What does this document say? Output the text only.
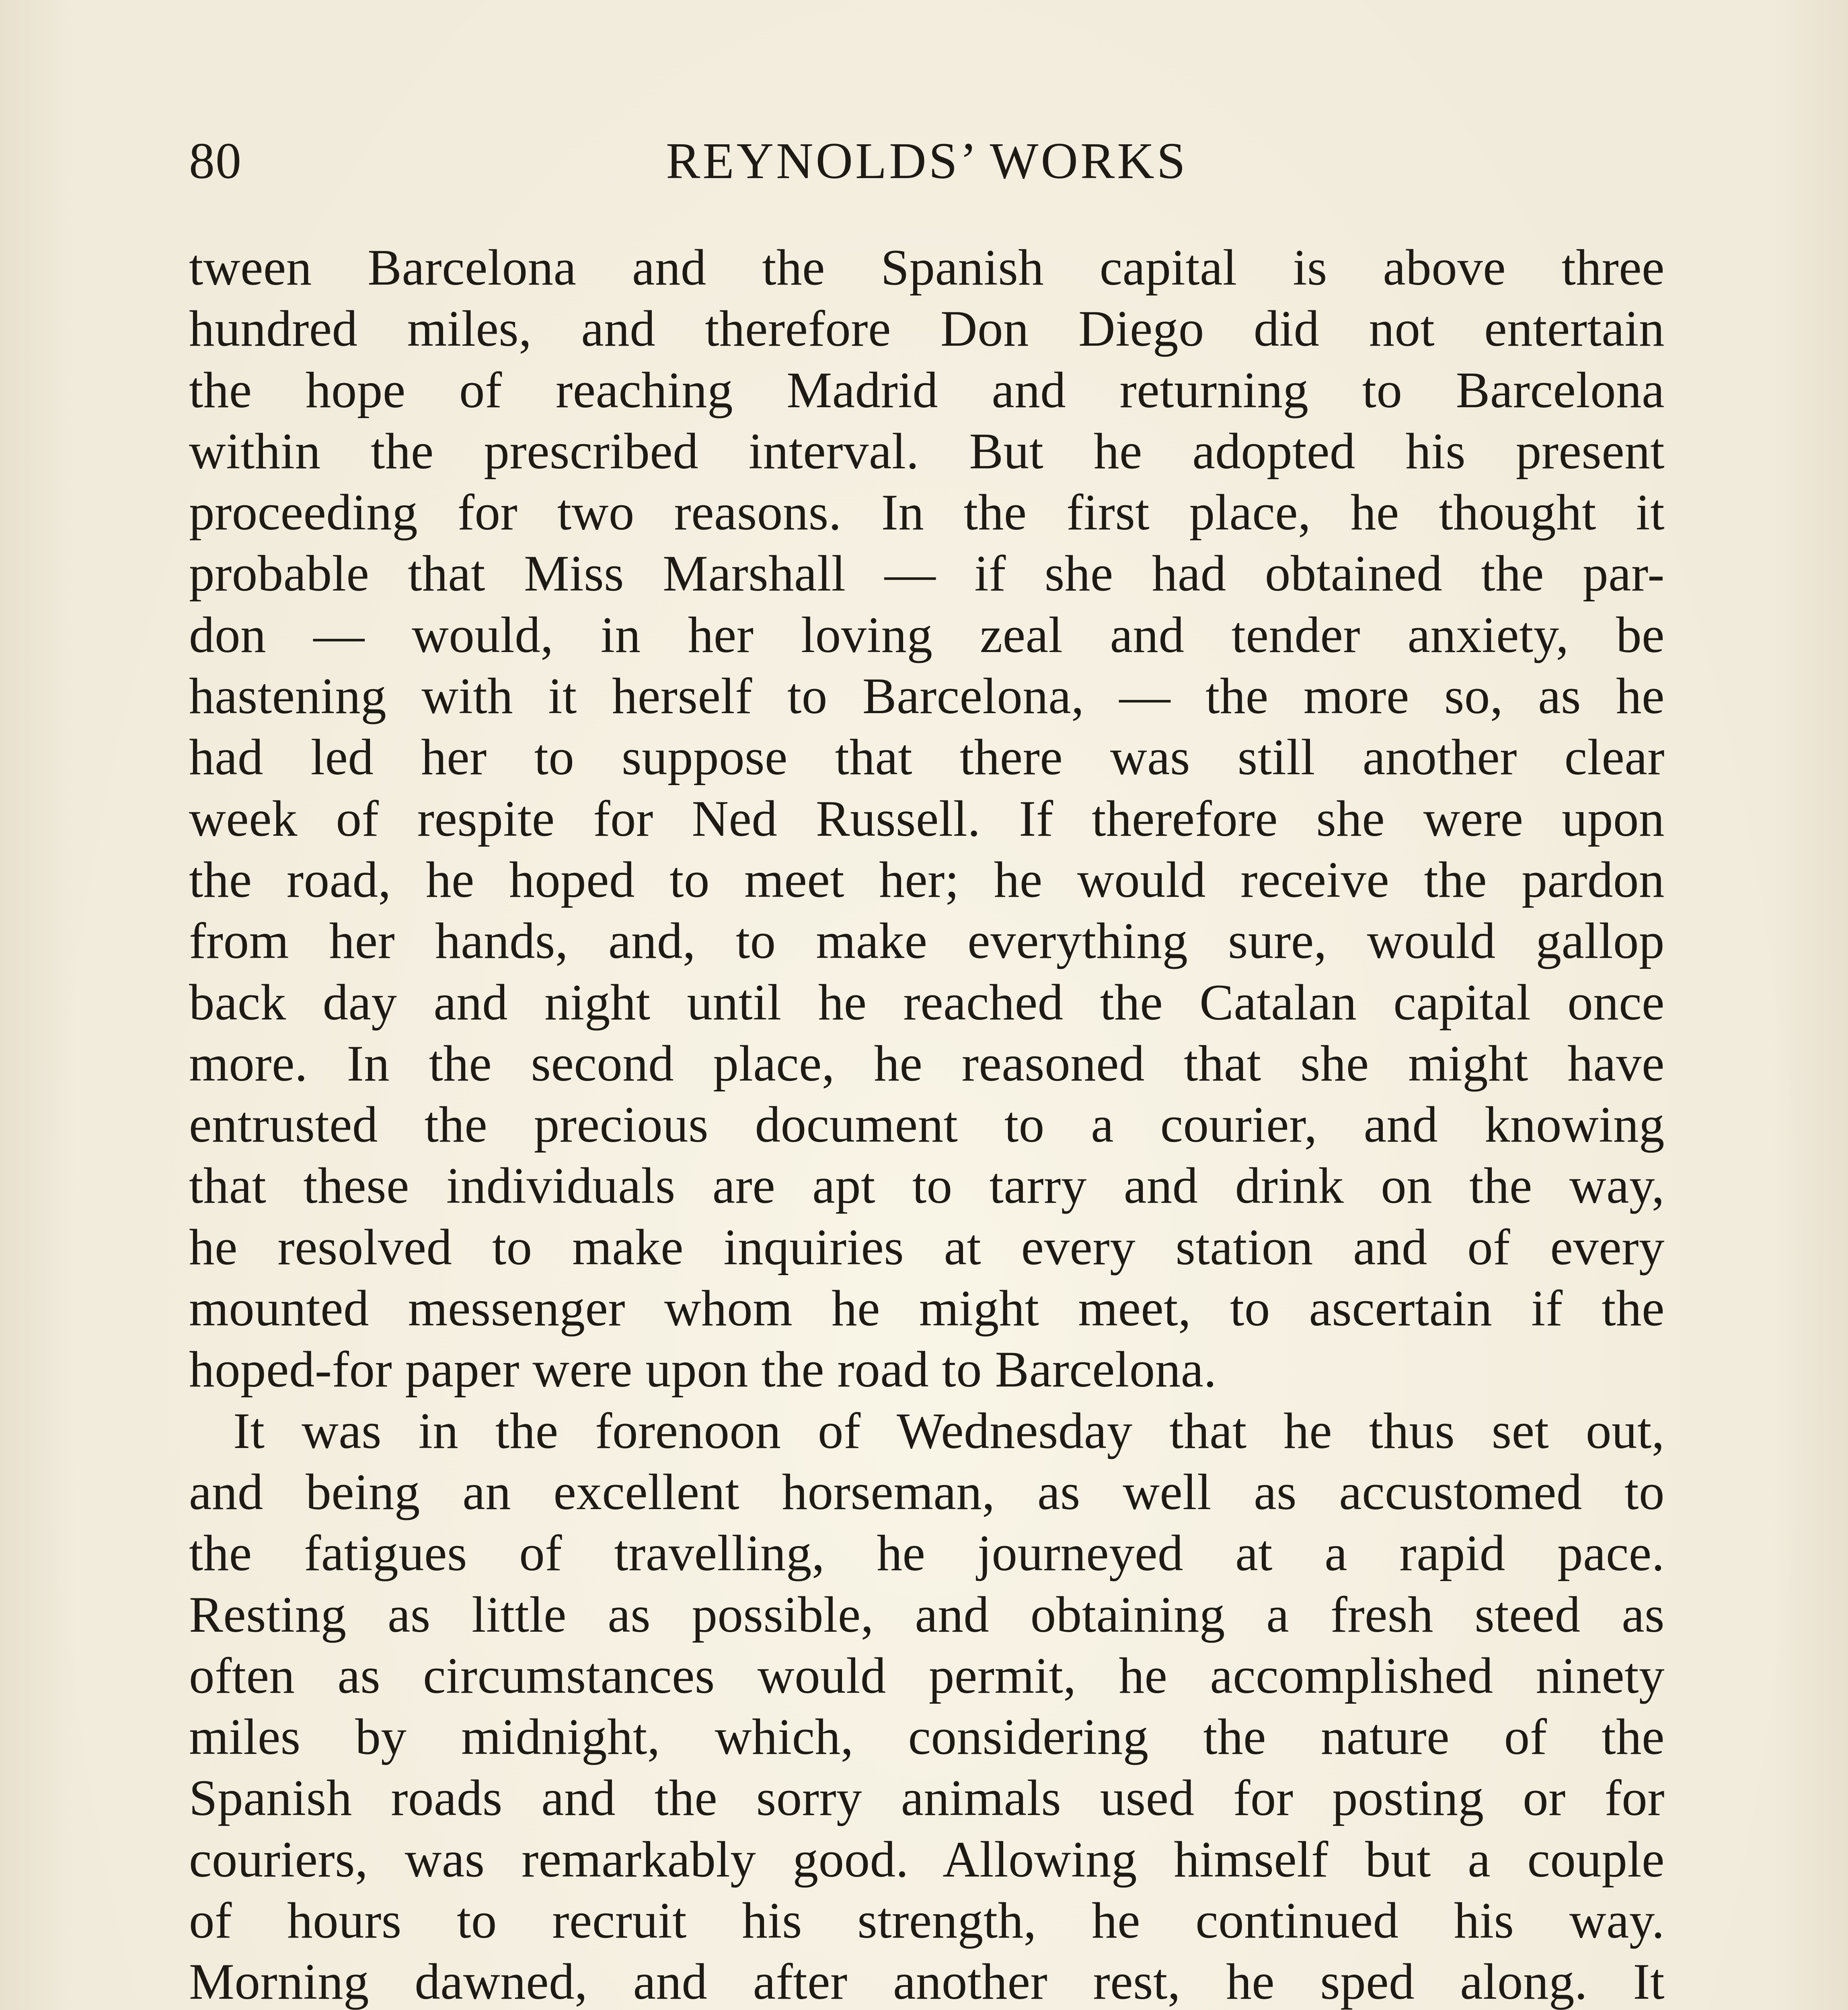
80	REYNOLDS’ WORKS
tween Barcelona and the Spanish capital is above three
hundred miles, and therefore Don Diego did not entertain
the hope of reaching Madrid and returning to Barcelona
within the prescribed interval. But he adopted his present
proceeding for two reasons. In the first place, he thought it
probable that Miss Marshall — if she had obtained the par-
don — would, in her loving zeal and tender anxiety, be
hastening with it herself to Barcelona, — the more so, as he
had led her to suppose that there was still another clear
week of respite for Ned Russell. If therefore she were upon
the road, he hoped to meet her; he would receive the pardon
from her hands, and, to make everything sure, would gallop
back day and night until he reached the Catalan capital once
more. In the second place, he reasoned that she might have
entrusted the precious document to a courier, and knowing
that these individuals are apt to tarry and drink on the way,
he resolved to make inquiries at every station and of every
mounted messenger whom he might meet, to ascertain if the
hoped-for paper were upon the road to Barcelona.
It was in the forenoon of Wednesday that he thus set out,
and being an excellent horseman, as well as accustomed to
the fatigues of travelling, he journeyed at a rapid pace.
Resting as little as possible, and obtaining a fresh steed as
often as circumstances would permit, he accomplished ninety
miles by midnight, which, considering the nature of the
Spanish roads and the sorry animals used for posting or for
couriers, was remarkably good. Allowing himself but a couple
of hours to recruit his strength, he continued his way.
Morning dawned, and after another rest, he sped along. It
